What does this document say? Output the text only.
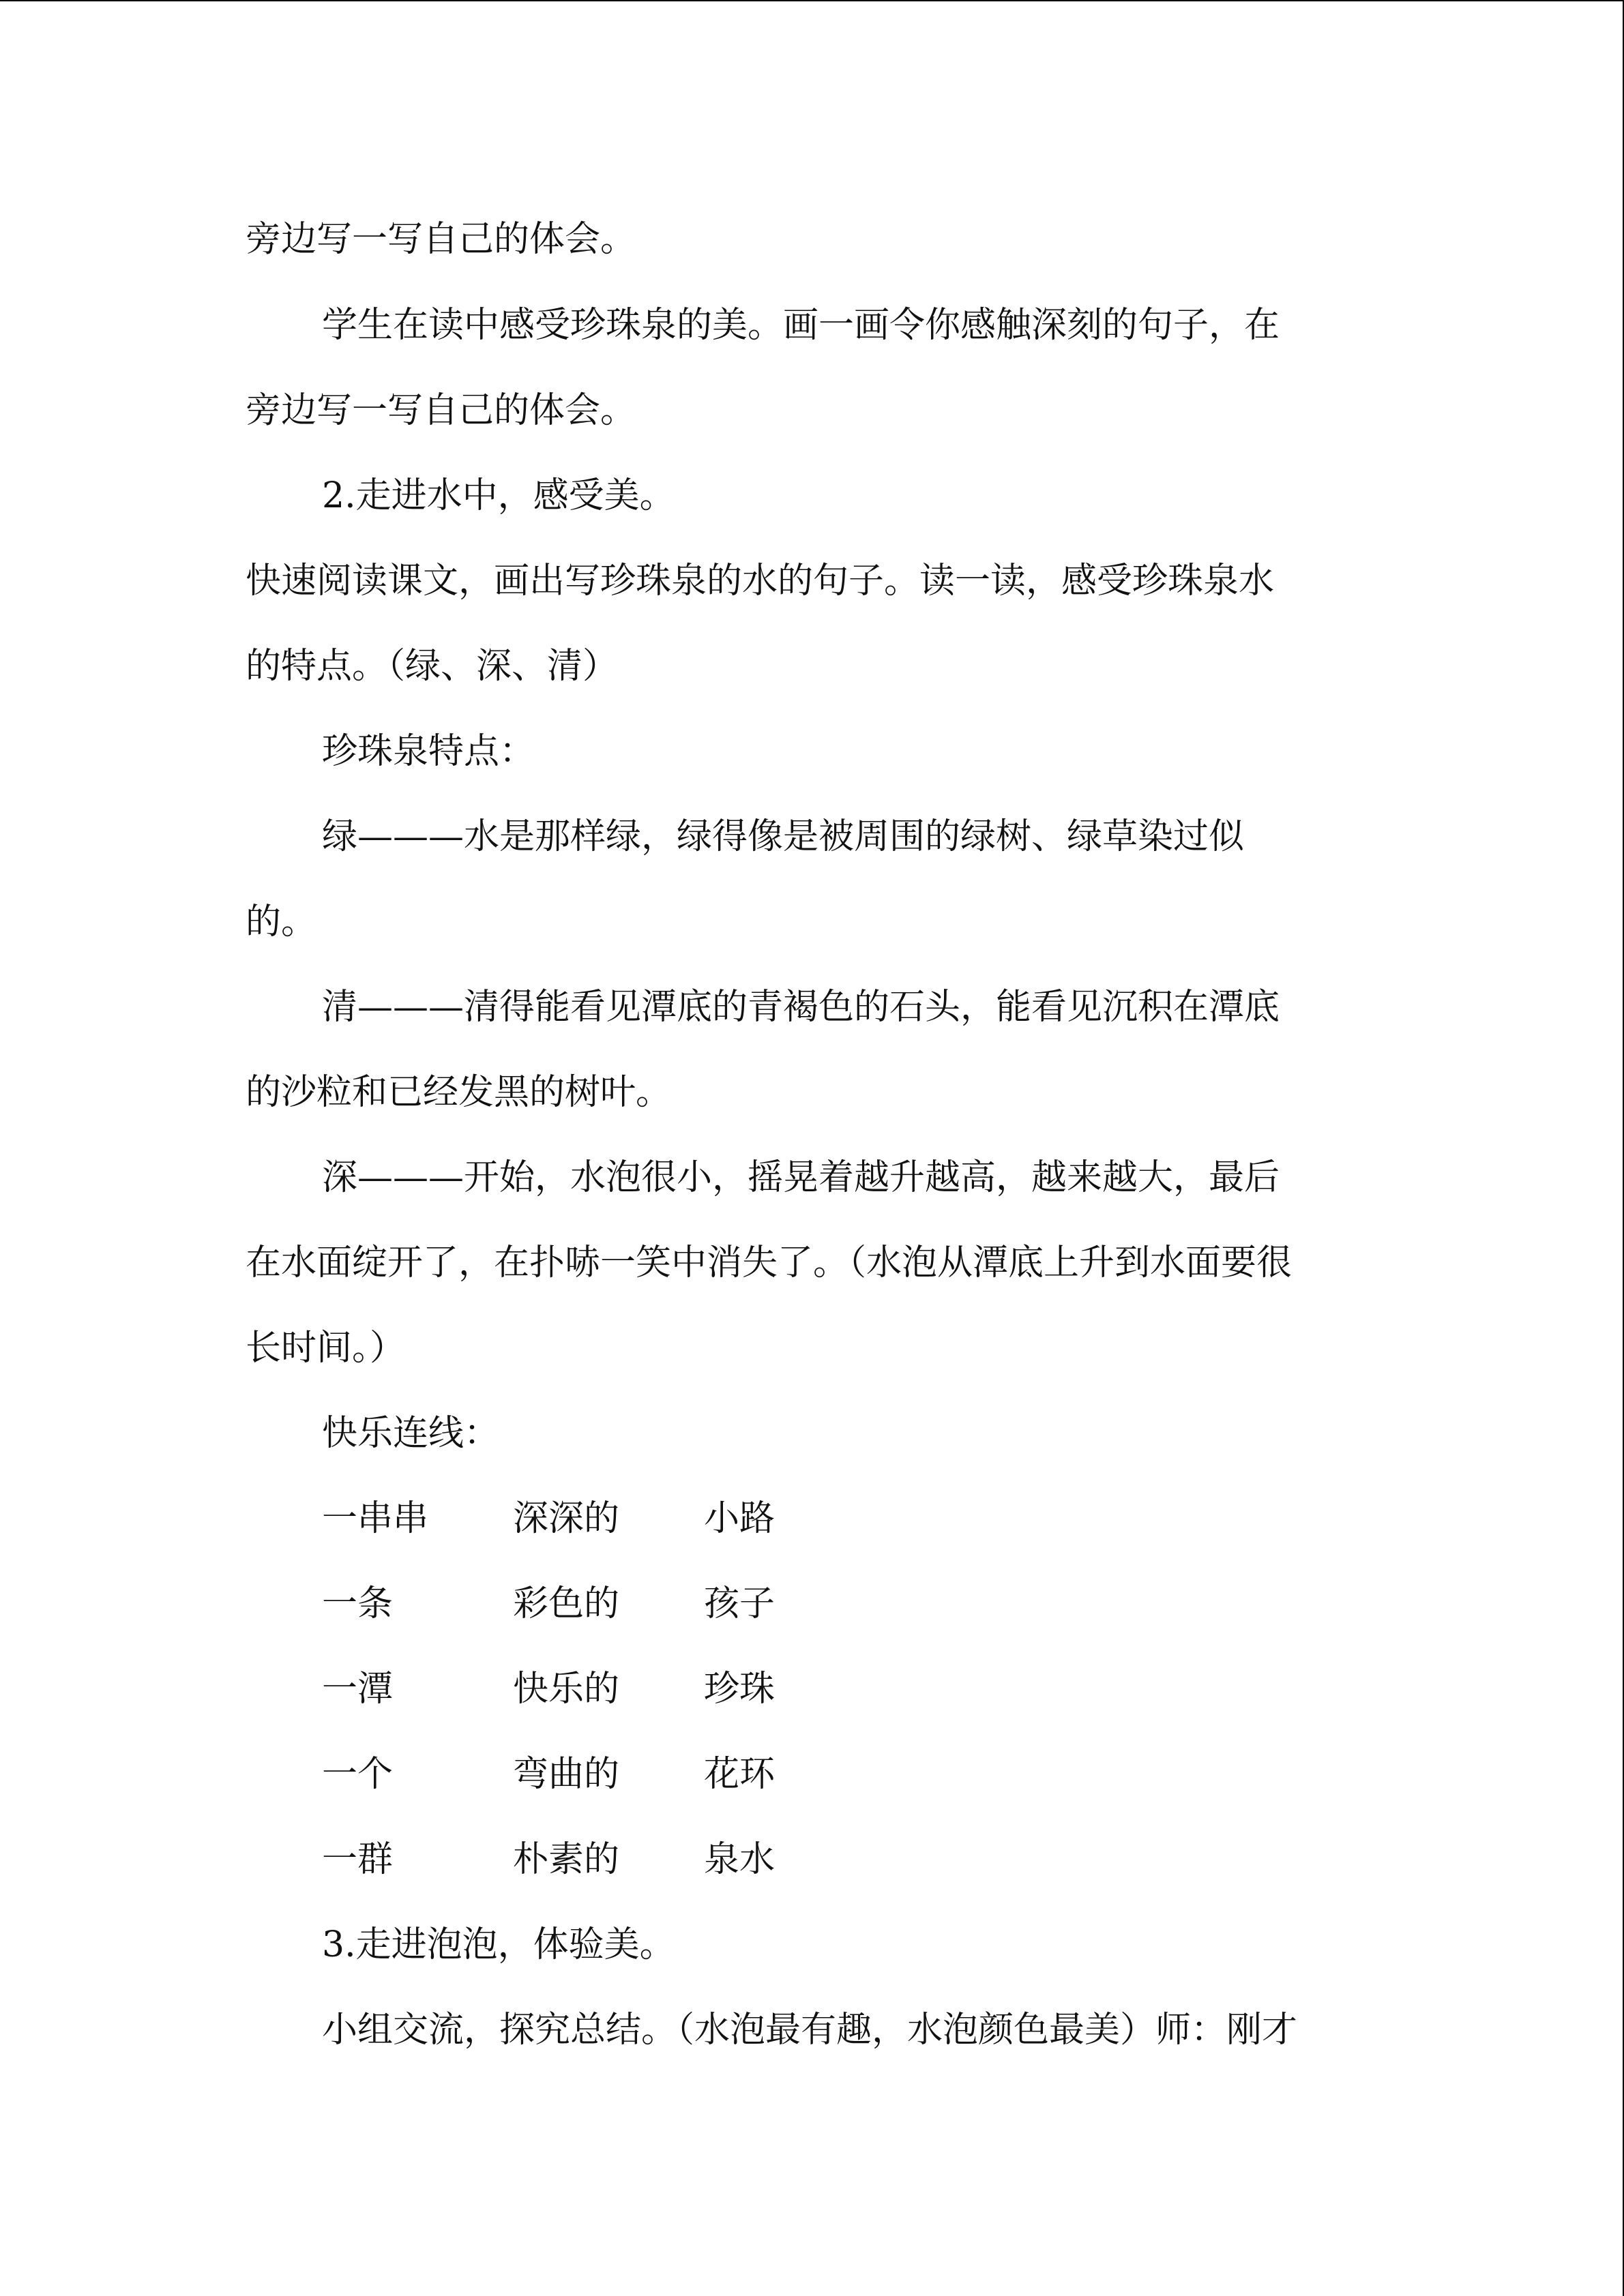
旁边写一写自己的体会。

学生在读中感受珍珠泉的美。画一画令你感触深刻的句子，在

旁边写一写自己的体会。

2.走进水中，感受美。

快速阅读课文，画出写珍珠泉的水的句子。读一读，感受珍珠泉水

的特点。（绿、深、清）

珍珠泉特点：

绿———水是那样绿，绿得像是被周围的绿树、绿草染过似

的。

清———清得能看见潭底的青褐色的石头，能看见沉积在潭底

的沙粒和已经发黑的树叶。

深———开始，水泡很小，摇晃着越升越高，越来越大，最后

在水面绽开了，在扑哧一笑中消失了。（水泡从潭底上升到水面要很

长时间。）

快乐连线：

一串串 深深的 小路
一条	彩色的 孩子
一潭	快乐的 珍珠
一个	弯曲的 花环
一群	朴素的 泉水

3.走进泡泡，体验美。

小组交流，探究总结。（水泡最有趣，水泡颜色最美）师：刚才
